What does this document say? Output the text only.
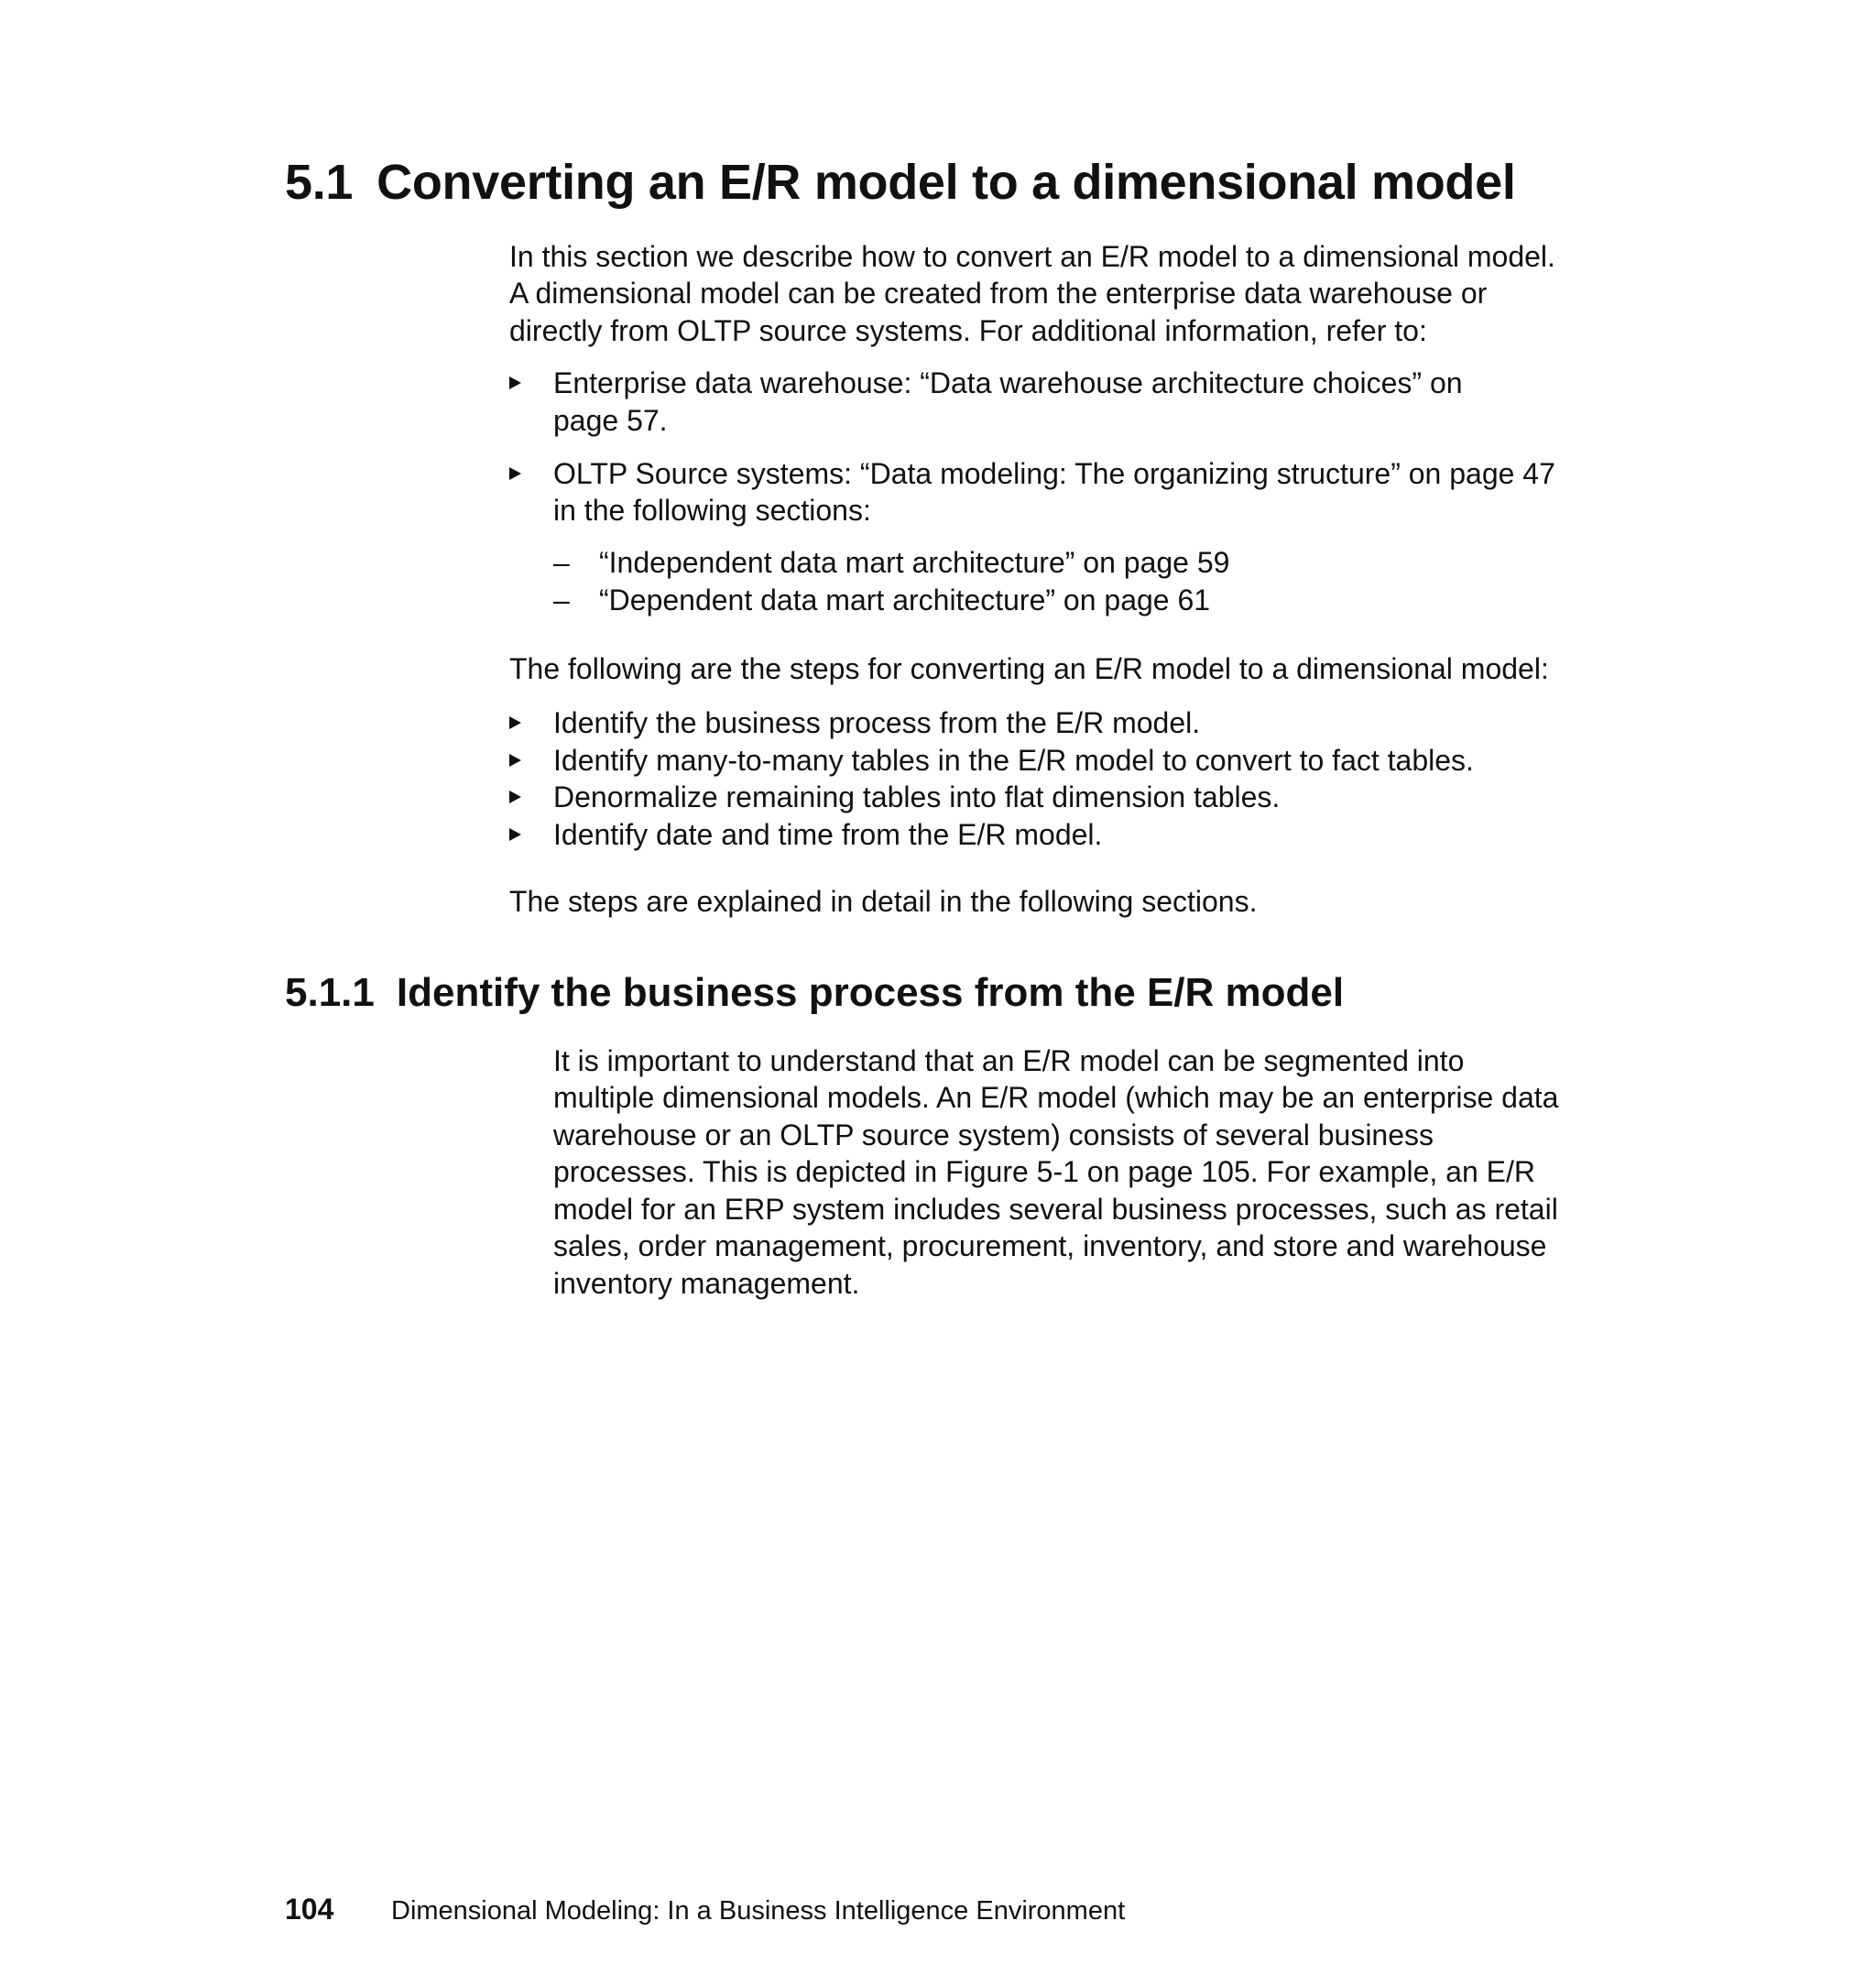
5.1 Converting an E/R model to a dimensional model
In this section we describe how to convert an E/R model to a dimensional model.
A dimensional model can be created from the enterprise data warehouse or
directly from OLTP source systems. For additional information, refer to:
Enterprise data warehouse: “Data warehouse architecture choices” on
page 57.
OLTP Source systems: “Data modeling: The organizing structure” on page 47
in the following sections:
– “Independent data mart architecture” on page 59
– “Dependent data mart architecture” on page 61
The following are the steps for converting an E/R model to a dimensional model:
Identify the business process from the E/R model.
Identify many-to-many tables in the E/R model to convert to fact tables.
Denormalize remaining tables into flat dimension tables.
Identify date and time from the E/R model.
The steps are explained in detail in the following sections.
5.1.1 Identify the business process from the E/R model
It is important to understand that an E/R model can be segmented into
multiple dimensional models. An E/R model (which may be an enterprise data
warehouse or an OLTP source system) consists of several business
processes. This is depicted in Figure 5-1 on page 105. For example, an E/R
model for an ERP system includes several business processes, such as retail
sales, order management, procurement, inventory, and store and warehouse
inventory management.
104 Dimensional Modeling: In a Business Intelligence Environment
